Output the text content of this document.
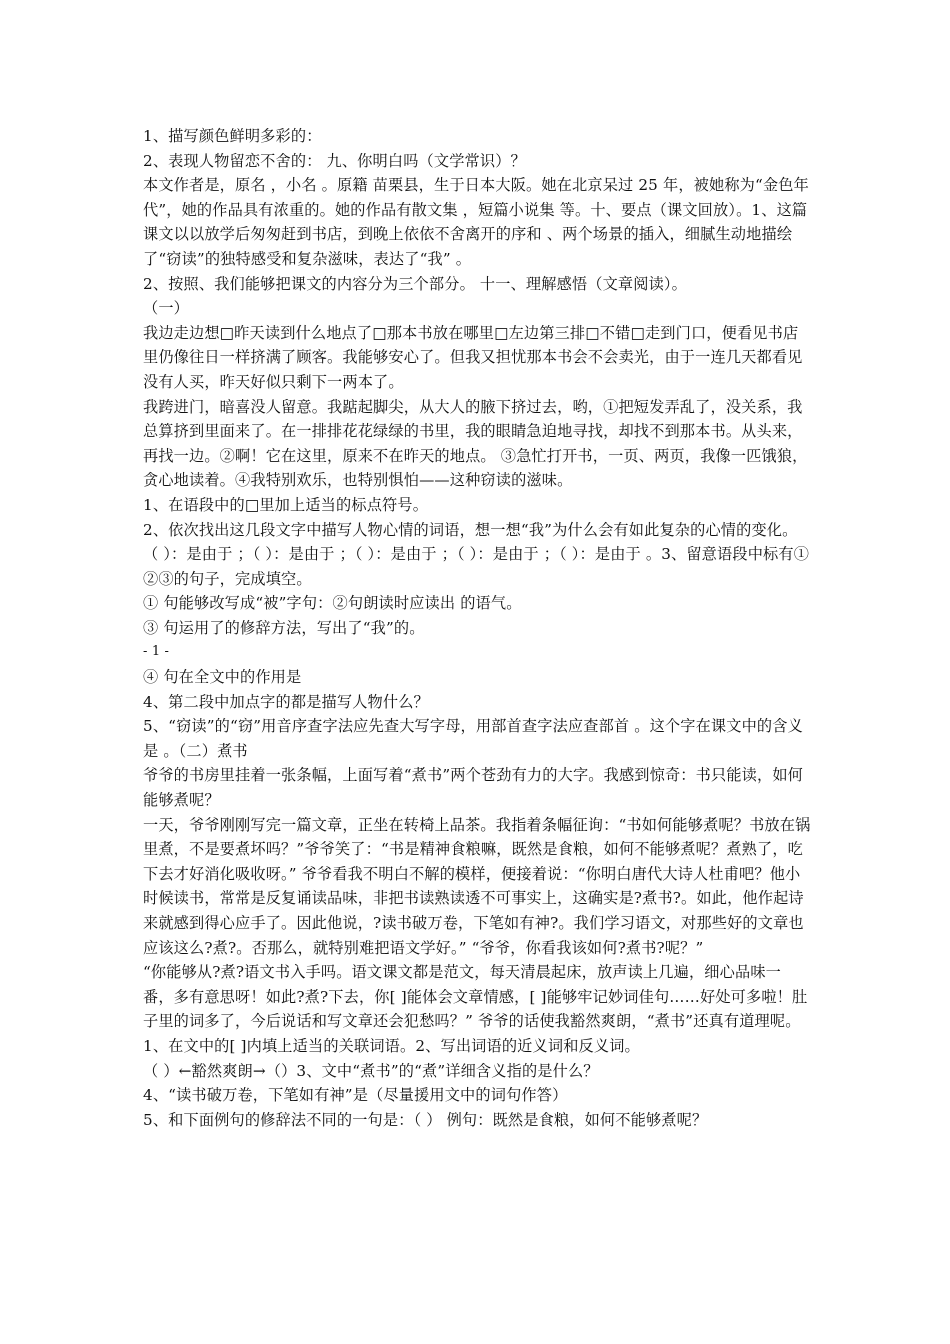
1、描写颜色鲜明多彩的：

2、表现人物留恋不舍的： 九、你明白吗（文学常识）？

本文作者是，原名 ，小名 。原籍 苗栗县，生于日本大阪。她在北京呆过 25 年，被她称为“金色年代”，她的作品具有浓重的。她的作品有散文集 ，短篇小说集 等。十、要点（课文回放）。1、这篇课文以以放学后匆匆赶到书店，到晚上依依不舍离开的序和 、两个场景的插入，细腻生动地描绘了“窃读”的独特感受和复杂滋味，表达了“我” 。

2、按照、我们能够把课文的内容分为三个部分。 十一、理解感悟（文章阅读）。

（一）

我边走边想□昨天读到什么地点了□那本书放在哪里□左边第三排□不错□走到门口，便看见书店里仍像往日一样挤满了顾客。我能够安心了。但我又担忧那本书会不会卖光，由于一连几天都看见没有人买，昨天好似只剩下一两本了。

我跨进门，暗喜没人留意。我踮起脚尖，从大人的腋下挤过去，哟，①把短发弄乱了，没关系，我总算挤到里面来了。在一排排花花绿绿的书里，我的眼睛急迫地寻找，却找不到那本书。从头来，再找一边。②啊！它在这里，原来不在昨天的地点。 ③急忙打开书，一页、两页，我像一匹饿狼，贪心地读着。④我特别欢乐，也特别惧怕——这种窃读的滋味。

1、在语段中的□里加上适当的标点符号。

2、依次找出这几段文字中描写人物心情的词语，想一想“我”为什么会有如此复杂的心情的变化。

（ ）：是由于 ；（ ）：是由于 ；（ ）：是由于 ；（ ）：是由于 ；（ ）：是由于 。3、留意语段中标有①②③的句子，完成填空。

① 句能够改写成“被”字句：②句朗读时应读出 的语气。

③ 句运用了的修辞方法，写出了“我”的。

- 1 -

④ 句在全文中的作用是

4、第二段中加点字的都是描写人物什么？

5、“窃读”的“窃”用音序查字法应先查大写字母，用部首查字法应查部首 。这个字在课文中的含义是 。（二）煮书

爷爷的书房里挂着一张条幅，上面写着“煮书”两个苍劲有力的大字。我感到惊奇：书只能读，如何能够煮呢？

一天，爷爷刚刚写完一篇文章，正坐在转椅上品茶。我指着条幅征询：“书如何能够煮呢？书放在锅里煮，不是要煮坏吗？”爷爷笑了：“书是精神食粮嘛，既然是食粮，如何不能够煮呢？煮熟了，吃下去才好消化吸收呀。” 爷爷看我不明白不解的模样，便接着说：“你明白唐代大诗人杜甫吧？他小时候读书，常常是反复诵读品味，非把书读熟读透不可事实上，这确实是?煮书?。如此，他作起诗来就感到得心应手了。因此他说，?读书破万卷，下笔如有神?。我们学习语文，对那些好的文章也应该这么?煮?。否那么，就特别难把语文学好。” “爷爷，你看我该如何?煮书?呢？”

“你能够从?煮?语文书入手吗。语文课文都是范文，每天清晨起床，放声读上几遍，细心品味一番，多有意思呀！如此?煮?下去，你[ ]能体会文章情感，[ ]能够牢记妙词佳句……好处可多啦！肚子里的词多了，今后说话和写文章还会犯愁吗？” 爷爷的话使我豁然爽朗，“煮书”还真有道理呢。1、在文中的[ ]内填上适当的关联词语。2、写出词语的近义词和反义词。

（ ）←豁然爽朗→（）3、文中“煮书”的“煮”详细含义指的是什么？

4、“读书破万卷，下笔如有神”是（尽量援用文中的词句作答）

5、和下面例句的修辞法不同的一句是：（ ） 例句：既然是食粮，如何不能够煮呢？
